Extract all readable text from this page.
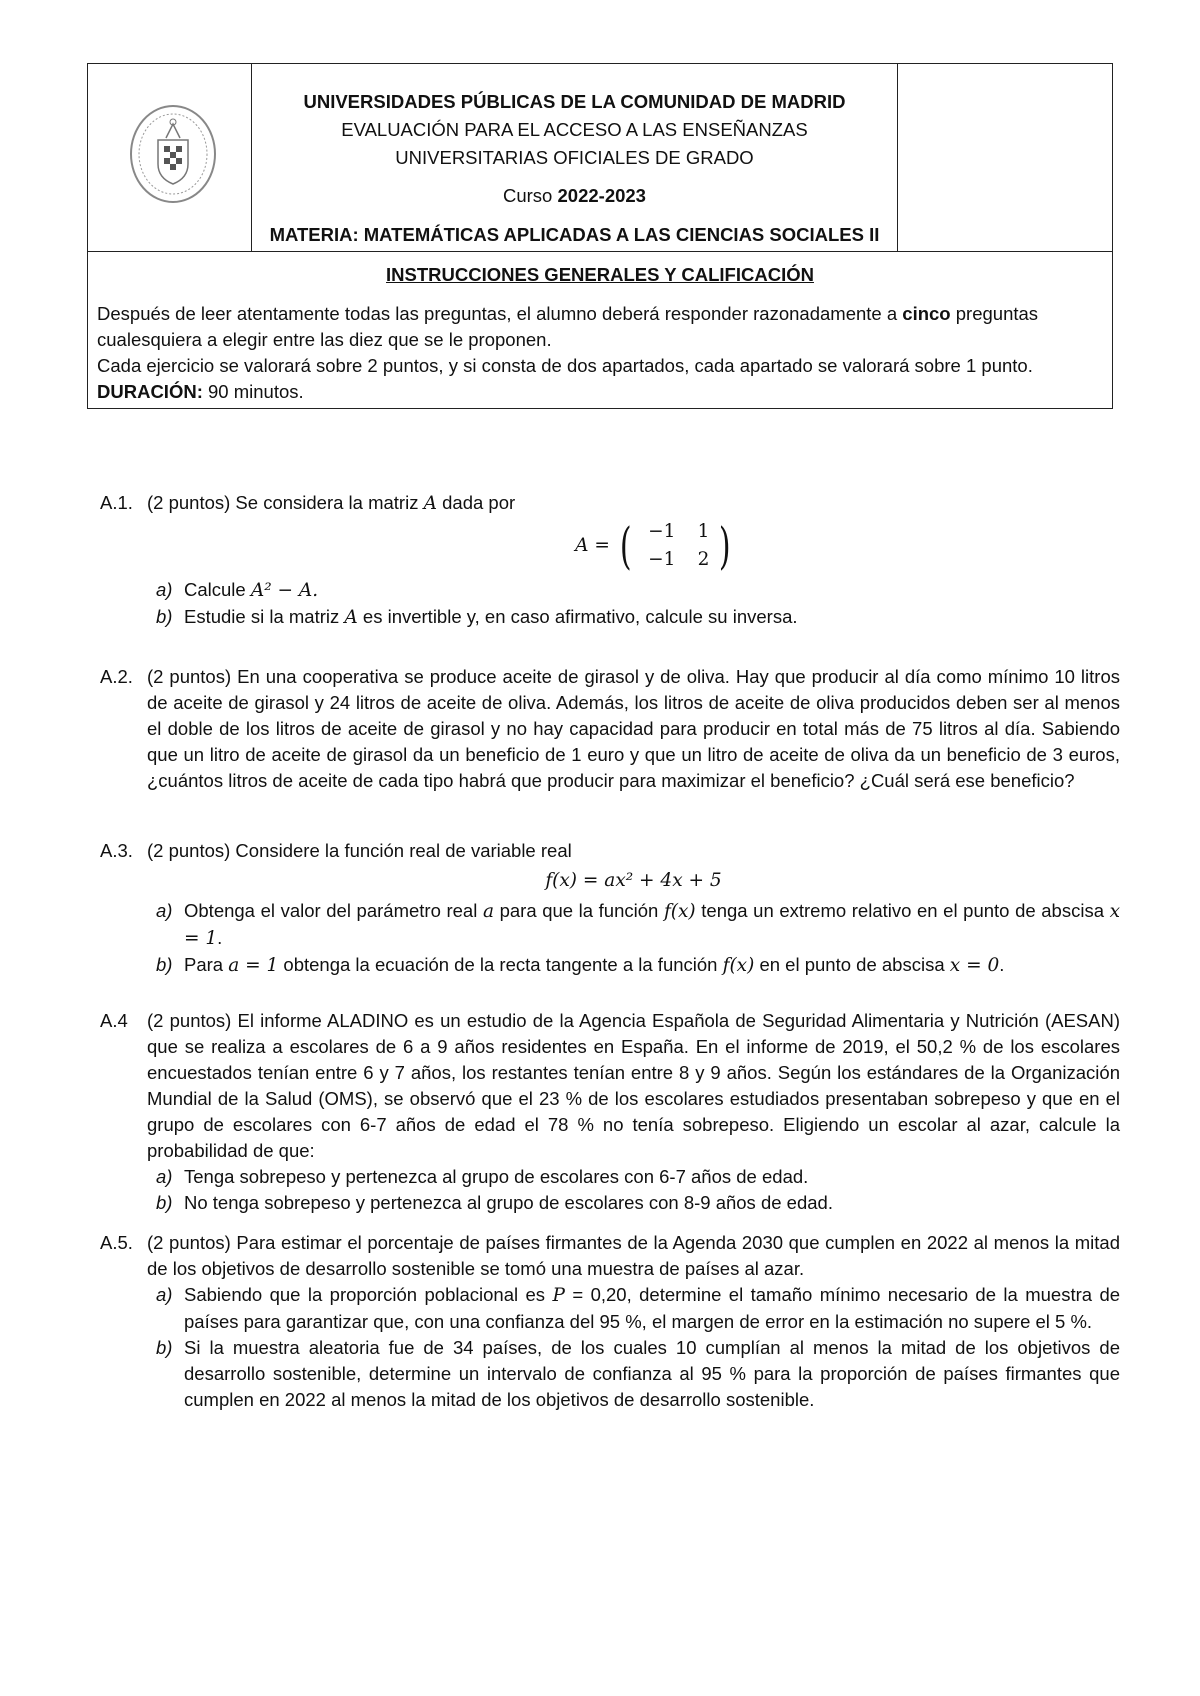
UNIVERSIDADES PÚBLICAS DE LA COMUNIDAD DE MADRID
EVALUACIÓN PARA EL ACCESO A LAS ENSEÑANZAS
UNIVERSITARIAS OFICIALES DE GRADO
Curso 2022-2023
MATERIA: MATEMÁTICAS APLICADAS A LAS CIENCIAS SOCIALES II
INSTRUCCIONES GENERALES Y CALIFICACIÓN

Después de leer atentamente todas las preguntas, el alumno deberá responder razonadamente a cinco preguntas cualesquiera a elegir entre las diez que se le proponen.

Cada ejercicio se valorará sobre 2 puntos, y si consta de dos apartados, cada apartado se valorará sobre 1 punto.

DURACIÓN: 90 minutos.

A.1. (2 puntos) Se considera la matriz A dada por
A = ( −1	1
−1	2 )
a) Calcule A² − A.
b) Estudie si la matriz A es invertible y, en caso afirmativo, calcule su inversa.
A.2. (2 puntos) En una cooperativa se produce aceite de girasol y de oliva. Hay que producir al día como mínimo 10 litros de aceite de girasol y 24 litros de aceite de oliva. Además, los litros de aceite de oliva producidos deben ser al menos el doble de los litros de aceite de girasol y no hay capacidad para producir en total más de 75 litros al día. Sabiendo que un litro de aceite de girasol da un beneficio de 1 euro y que un litro de aceite de oliva da un beneficio de 3 euros, ¿cuántos litros de aceite de cada tipo habrá que producir para maximizar el beneficio? ¿Cuál será ese beneficio?
A.3. (2 puntos) Considere la función real de variable real
f(x) = ax² + 4x + 5
a) Obtenga el valor del parámetro real a para que la función f(x) tenga un extremo relativo en el punto de abscisa x = 1.
b) Para a = 1 obtenga la ecuación de la recta tangente a la función f(x) en el punto de abscisa x = 0.
A.4 (2 puntos) El informe ALADINO es un estudio de la Agencia Española de Seguridad Alimentaria y Nutrición (AESAN) que se realiza a escolares de 6 a 9 años residentes en España. En el informe de 2019, el 50,2 % de los escolares encuestados tenían entre 6 y 7 años, los restantes tenían entre 8 y 9 años. Según los estándares de la Organización Mundial de la Salud (OMS), se observó que el 23 % de los escolares estudiados presentaban sobrepeso y que en el grupo de escolares con 6-7 años de edad el 78 % no tenía sobrepeso. Eligiendo un escolar al azar, calcule la probabilidad de que:
a) Tenga sobrepeso y pertenezca al grupo de escolares con 6-7 años de edad.
b) No tenga sobrepeso y pertenezca al grupo de escolares con 8-9 años de edad.
A.5. (2 puntos) Para estimar el porcentaje de países firmantes de la Agenda 2030 que cumplen en 2022 al menos la mitad de los objetivos de desarrollo sostenible se tomó una muestra de países al azar.
a) Sabiendo que la proporción poblacional es P = 0,20, determine el tamaño mínimo necesario de la muestra de países para garantizar que, con una confianza del 95 %, el margen de error en la estimación no supere el 5 %.
b) Si la muestra aleatoria fue de 34 países, de los cuales 10 cumplían al menos la mitad de los objetivos de desarrollo sostenible, determine un intervalo de confianza al 95 % para la proporción de países firmantes que cumplen en 2022 al menos la mitad de los objetivos de desarrollo sostenible.
